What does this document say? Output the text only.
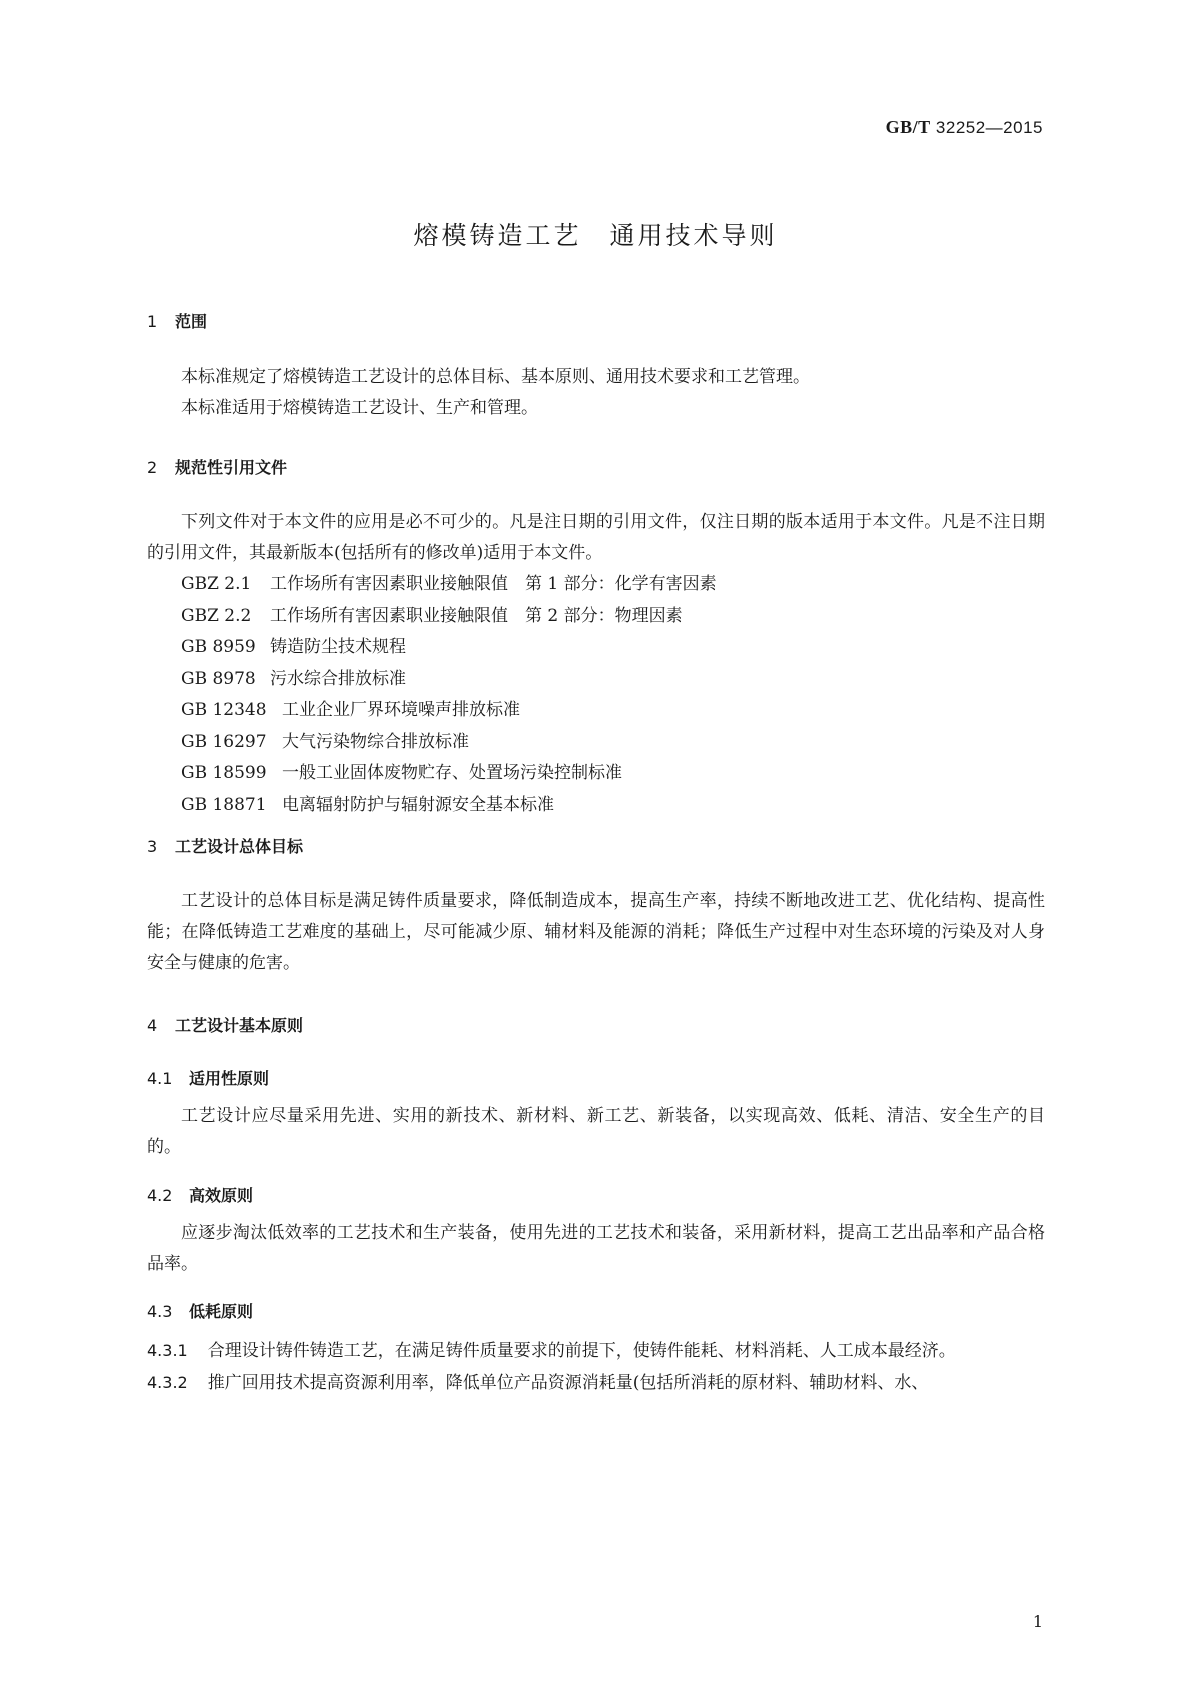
GB/T 32252—2015
熔模铸造工艺　通用技术导则
1 范围
本标准规定了熔模铸造工艺设计的总体目标、基本原则、通用技术要求和工艺管理。
本标准适用于熔模铸造工艺设计、生产和管理。
2 规范性引用文件
下列文件对于本文件的应用是必不可少的。凡是注日期的引用文件，仅注日期的版本适用于本文件。凡是不注日期的引用文件，其最新版本(包括所有的修改单)适用于本文件。
GBZ 2.1 工作场所有害因素职业接触限值　第 1 部分：化学有害因素
GBZ 2.2 工作场所有害因素职业接触限值　第 2 部分：物理因素
GB 8959 铸造防尘技术规程
GB 8978 污水综合排放标准
GB 12348 工业企业厂界环境噪声排放标准
GB 16297 大气污染物综合排放标准
GB 18599 一般工业固体废物贮存、处置场污染控制标准
GB 18871 电离辐射防护与辐射源安全基本标准
3 工艺设计总体目标
工艺设计的总体目标是满足铸件质量要求，降低制造成本，提高生产率，持续不断地改进工艺、优化结构、提高性能；在降低铸造工艺难度的基础上，尽可能减少原、辅材料及能源的消耗；降低生产过程中对生态环境的污染及对人身安全与健康的危害。
4 工艺设计基本原则
4.1 适用性原则
工艺设计应尽量采用先进、实用的新技术、新材料、新工艺、新装备，以实现高效、低耗、清洁、安全生产的目的。
4.2 高效原则
应逐步淘汰低效率的工艺技术和生产装备，使用先进的工艺技术和装备，采用新材料，提高工艺出品率和产品合格品率。
4.3 低耗原则
4.3.1 合理设计铸件铸造工艺，在满足铸件质量要求的前提下，使铸件能耗、材料消耗、人工成本最经济。
4.3.2 推广回用技术提高资源利用率，降低单位产品资源消耗量(包括所消耗的原材料、辅助材料、水、
1
